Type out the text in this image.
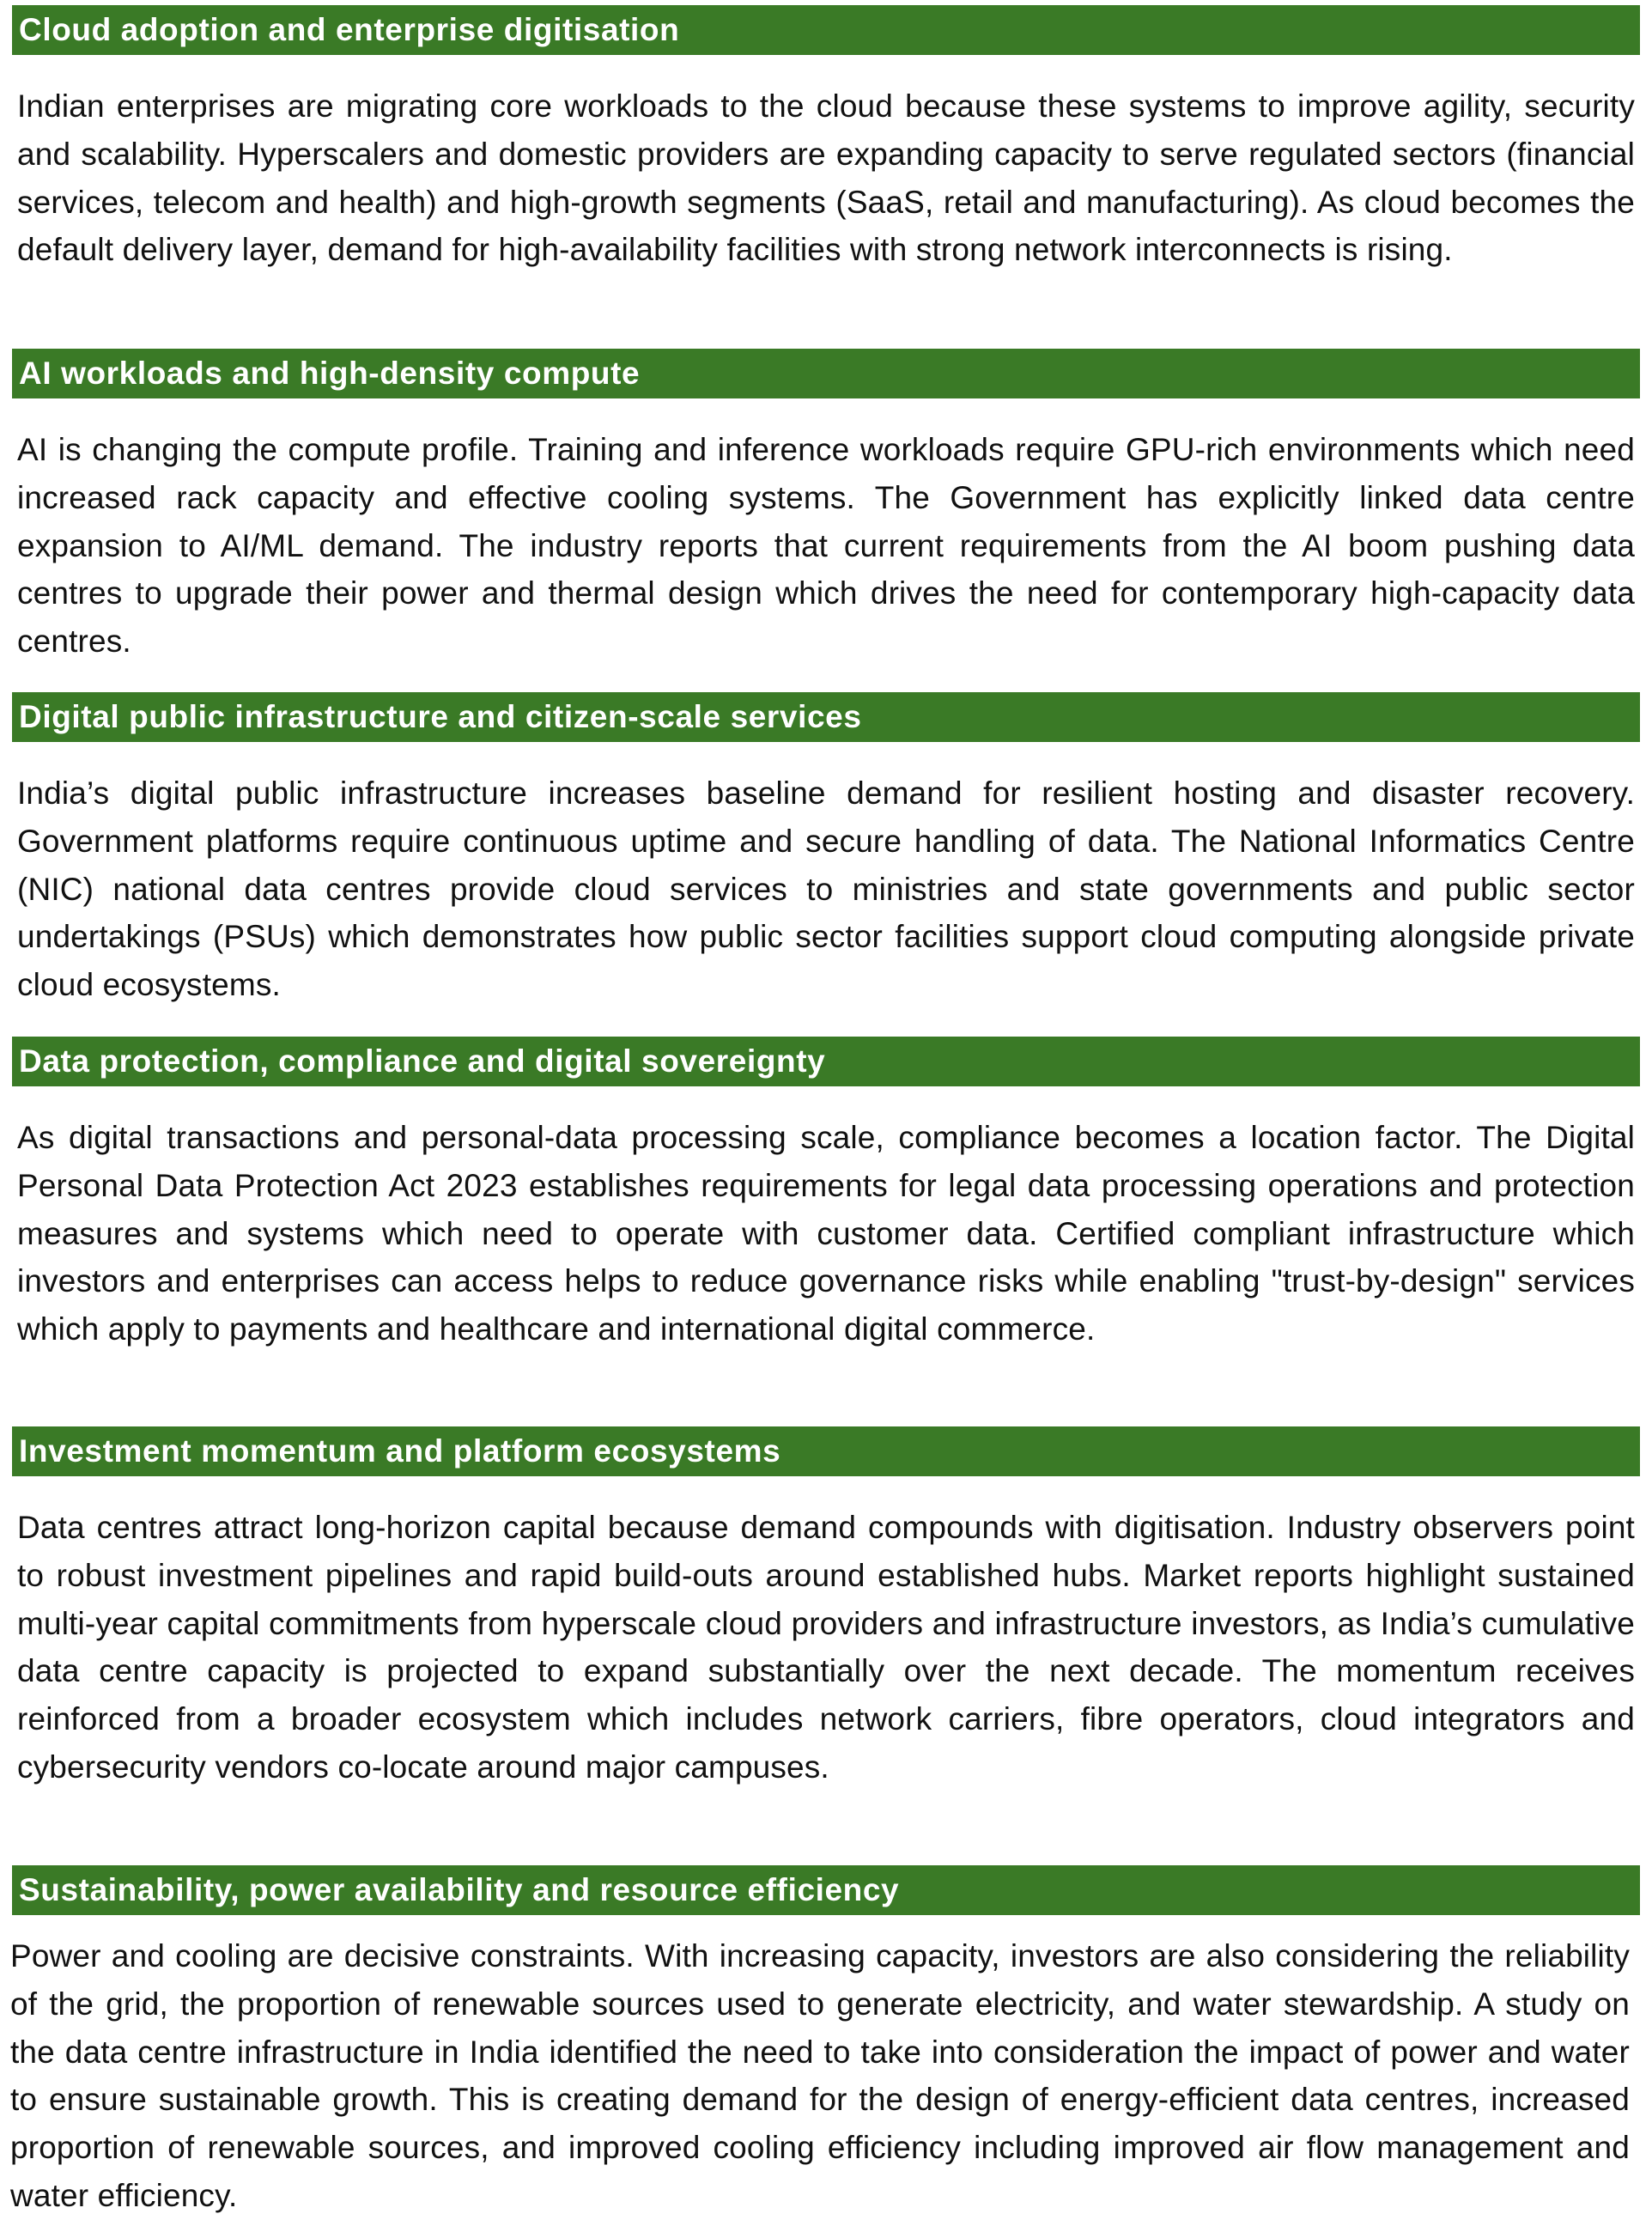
Cloud adoption and enterprise digitisation

Indian enterprises are migrating core workloads to the cloud because these systems to improve agility, security and scalability. Hyperscalers and domestic providers are expanding capacity to serve regulated sectors (financial services, telecom and health) and high-growth segments (SaaS, retail and manufacturing). As cloud becomes the default delivery layer, demand for high-availability facilities with strong network interconnects is rising.

AI workloads and high-density compute

AI is changing the compute profile. Training and inference workloads require GPU-rich environments which need increased rack capacity and effective cooling systems. The Government has explicitly linked data centre expansion to AI/ML demand. The industry reports that current requirements from the AI boom pushing data centres to upgrade their power and thermal design which drives the need for contemporary high-capacity data centres.

Digital public infrastructure and citizen-scale services

India’s digital public infrastructure increases baseline demand for resilient hosting and disaster recovery. Government platforms require continuous uptime and secure handling of data. The National Informatics Centre (NIC) national data centres provide cloud services to ministries and state governments and public sector undertakings (PSUs) which demonstrates how public sector facilities support cloud computing alongside private cloud ecosystems.

Data protection, compliance and digital sovereignty

As digital transactions and personal-data processing scale, compliance becomes a location factor. The Digital Personal Data Protection Act 2023 establishes requirements for legal data processing operations and protection measures and systems which need to operate with customer data. Certified compliant infrastructure which investors and enterprises can access helps to reduce governance risks while enabling "trust-by-design" services which apply to payments and healthcare and international digital commerce.

Investment momentum and platform ecosystems

Data centres attract long-horizon capital because demand compounds with digitisation. Industry observers point to robust investment pipelines and rapid build-outs around established hubs. Market reports highlight sustained multi-year capital commitments from hyperscale cloud providers and infrastructure investors, as India’s cumulative data centre capacity is projected to expand substantially over the next decade. The momentum receives reinforced from a broader ecosystem which includes network carriers, fibre operators, cloud integrators and cybersecurity vendors co-locate around major campuses.

Sustainability, power availability and resource efficiency

Power and cooling are decisive constraints. With increasing capacity, investors are also considering the reliability of the grid, the proportion of renewable sources used to generate electricity, and water stewardship. A study on the data centre infrastructure in India identified the need to take into consideration the impact of power and water to ensure sustainable growth. This is creating demand for the design of energy-efficient data centres, increased proportion of renewable sources, and improved cooling efficiency including improved air flow management and water efficiency.
